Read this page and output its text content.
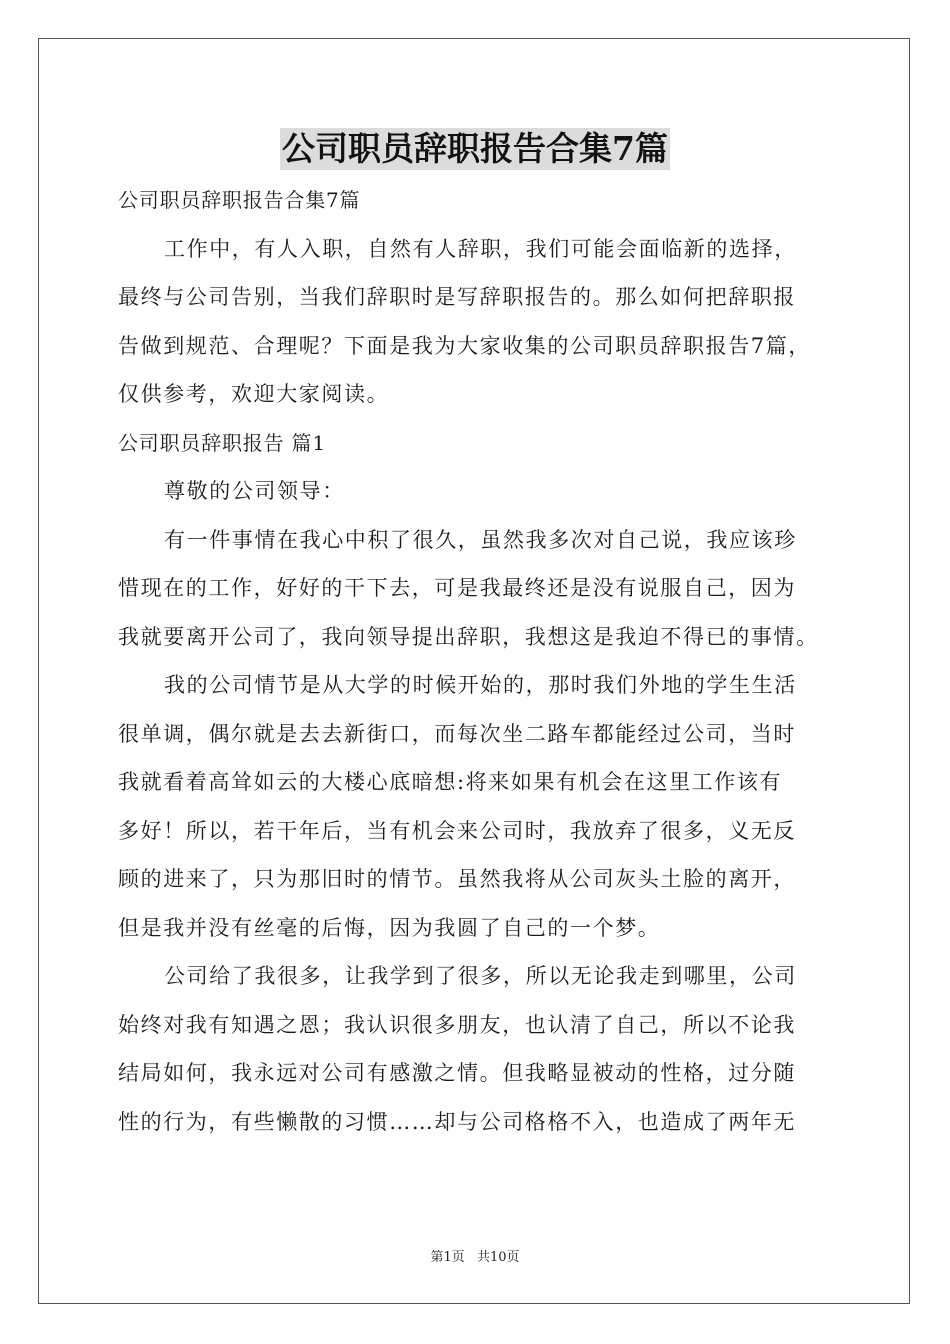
公司职员辞职报告合集7篇
公司职员辞职报告合集7篇
工作中，有人入职，自然有人辞职，我们可能会面临新的选择，
最终与公司告别，当我们辞职时是写辞职报告的。那么如何把辞职报
告做到规范、合理呢？下面是我为大家收集的公司职员辞职报告7篇，
仅供参考，欢迎大家阅读。
公司职员辞职报告 篇1
尊敬的公司领导：
有一件事情在我心中积了很久，虽然我多次对自己说，我应该珍
惜现在的工作，好好的干下去，可是我最终还是没有说服自己，因为
我就要离开公司了，我向领导提出辞职，我想这是我迫不得已的事情。
我的公司情节是从大学的时候开始的，那时我们外地的学生生活
很单调，偶尔就是去去新街口，而每次坐二路车都能经过公司，当时
我就看着高耸如云的大楼心底暗想:将来如果有机会在这里工作该有
多好！所以，若干年后，当有机会来公司时，我放弃了很多，义无反
顾的进来了，只为那旧时的情节。虽然我将从公司灰头土脸的离开，
但是我并没有丝毫的后悔，因为我圆了自己的一个梦。
公司给了我很多，让我学到了很多，所以无论我走到哪里，公司
始终对我有知遇之恩；我认识很多朋友，也认清了自己，所以不论我
结局如何，我永远对公司有感激之情。但我略显被动的性格，过分随
性的行为，有些懒散的习惯……却与公司格格不入，也造成了两年无
第1页 共10页
